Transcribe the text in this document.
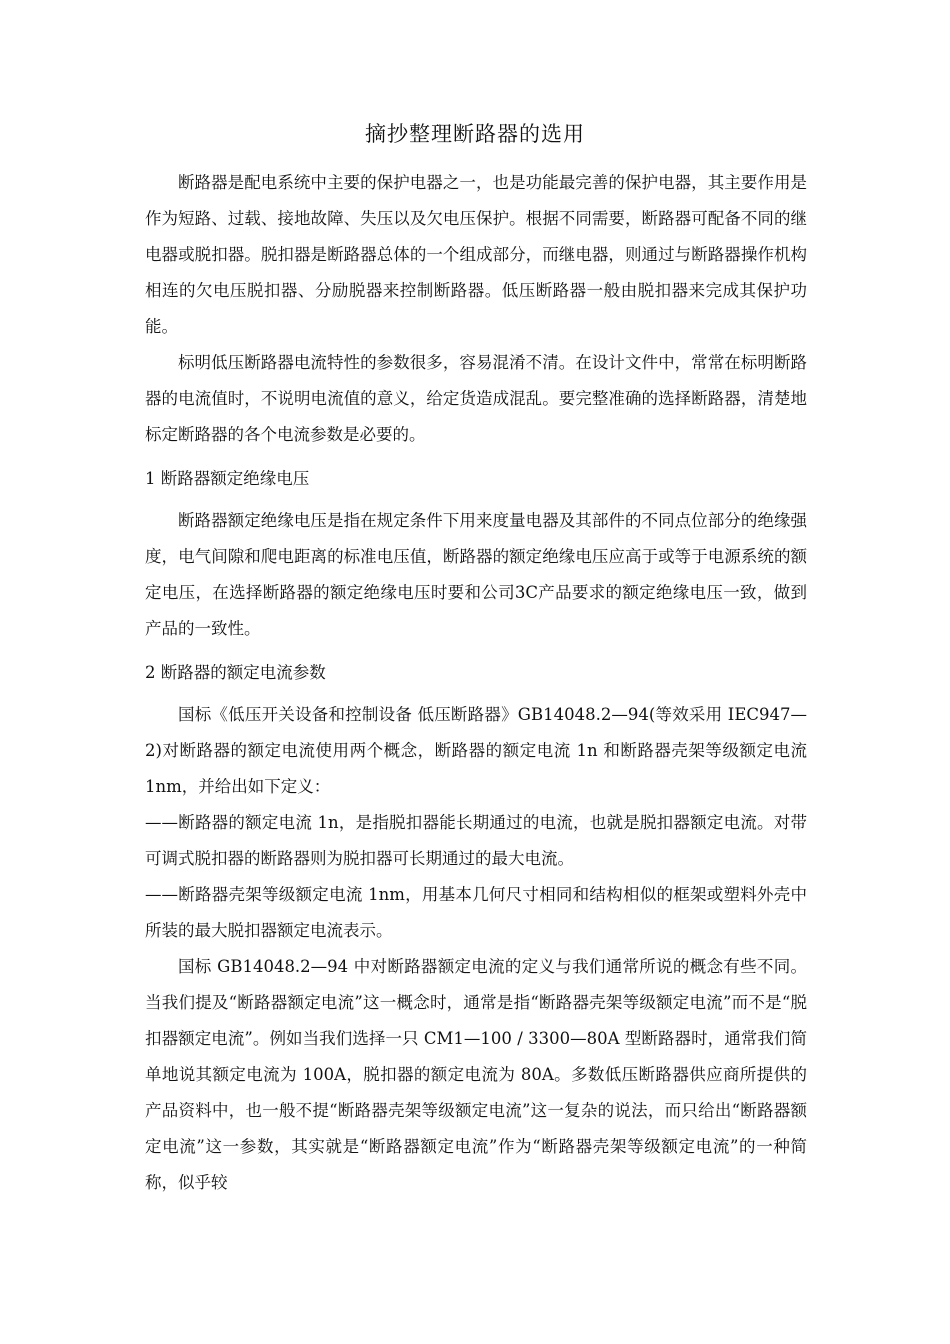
摘抄整理断路器的选用

断路器是配电系统中主要的保护电器之一，也是功能最完善的保护电器，其主要作用是作为短路、过载、接地故障、失压以及欠电压保护。根据不同需要，断路器可配备不同的继电器或脱扣器。脱扣器是断路器总体的一个组成部分，而继电器，则通过与断路器操作机构相连的欠电压脱扣器、分励脱器来控制断路器。低压断路器一般由脱扣器来完成其保护功能。

标明低压断路器电流特性的参数很多，容易混淆不清。在设计文件中，常常在标明断路器的电流值时，不说明电流值的意义，给定货造成混乱。要完整准确的选择断路器，清楚地标定断路器的各个电流参数是必要的。

1 断路器额定绝缘电压

断路器额定绝缘电压是指在规定条件下用来度量电器及其部件的不同点位部分的绝缘强度，电气间隙和爬电距离的标准电压值，断路器的额定绝缘电压应高于或等于电源系统的额定电压，在选择断路器的额定绝缘电压时要和公司3C产品要求的额定绝缘电压一致，做到产品的一致性。

2 断路器的额定电流参数

国标《低压开关设备和控制设备 低压断路器》GB14048.2—94(等效采用 IEC947—2)对断路器的额定电流使用两个概念，断路器的额定电流 1n 和断路器壳架等级额定电流 1nm，并给出如下定义：

——断路器的额定电流 1n，是指脱扣器能长期通过的电流，也就是脱扣器额定电流。对带可调式脱扣器的断路器则为脱扣器可长期通过的最大电流。

——断路器壳架等级额定电流 1nm，用基本几何尺寸相同和结构相似的框架或塑料外壳中所装的最大脱扣器额定电流表示。

国标 GB14048.2—94 中对断路器额定电流的定义与我们通常所说的概念有些不同。当我们提及“断路器额定电流”这一概念时，通常是指“断路器壳架等级额定电流”而不是“脱扣器额定电流”。例如当我们选择一只 CM1—100 / 3300—80A 型断路器时，通常我们简单地说其额定电流为 100A，脱扣器的额定电流为 80A。多数低压断路器供应商所提供的产品资料中，也一般不提“断路器壳架等级额定电流”这一复杂的说法，而只给出“断路器额定电流”这一参数，其实就是“断路器额定电流”作为“断路器壳架等级额定电流”的一种简称，似乎较
